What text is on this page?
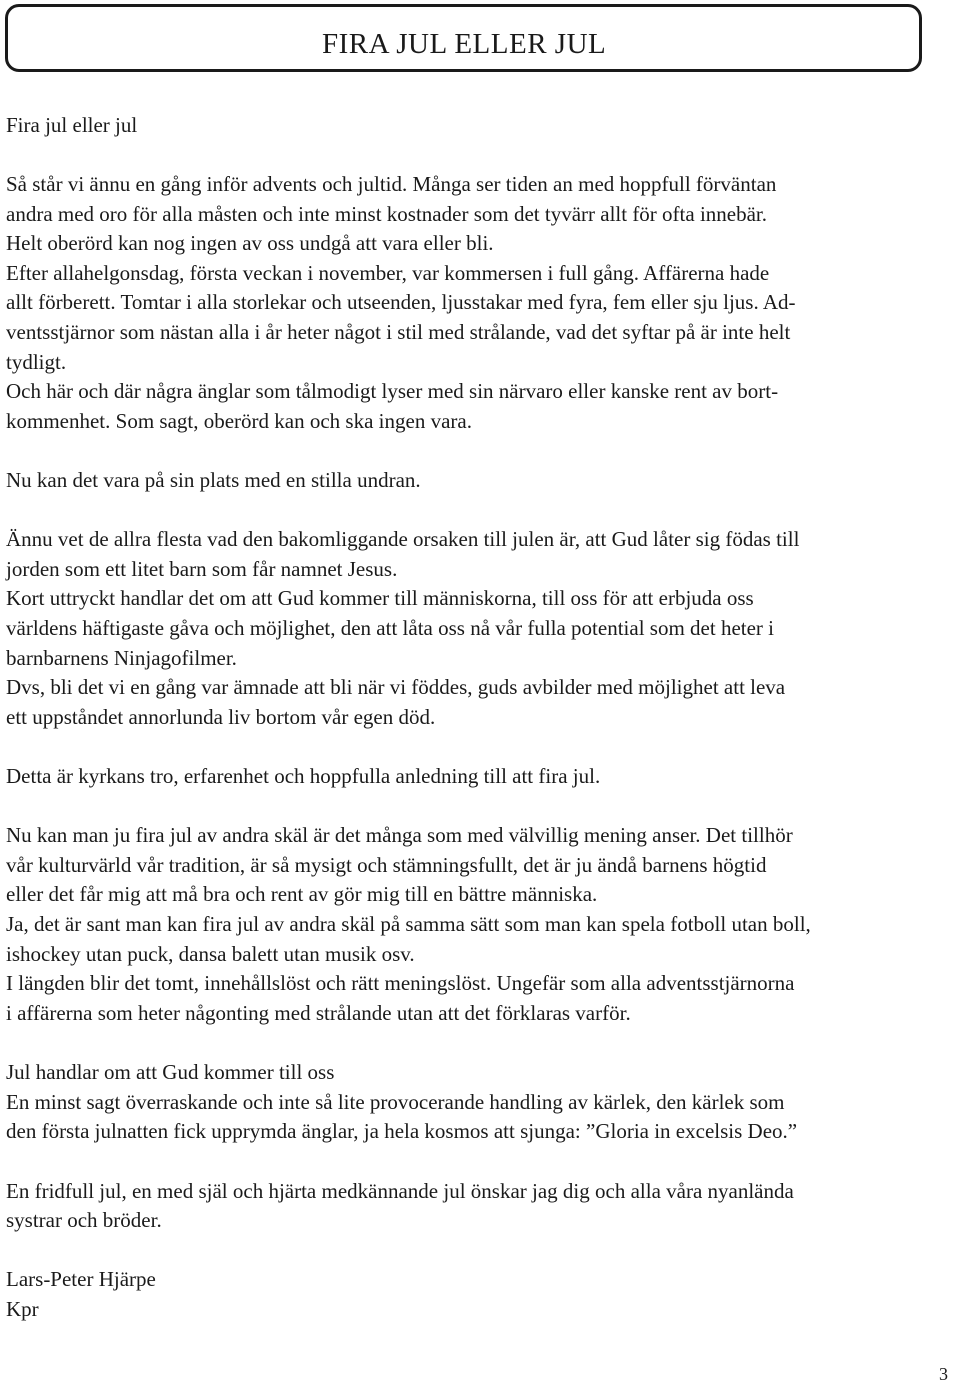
FIRA JUL ELLER JUL

Fira jul eller jul

Så står vi ännu en gång inför advents och jultid. Många ser tiden an med hoppfull förväntan

andra med oro för alla måsten och inte minst kostnader som det tyvärr allt för ofta innebär.

Helt oberörd kan nog ingen av oss undgå att vara eller bli.

Efter allahelgonsdag, första veckan i november, var kommersen i full gång. Affärerna hade

allt förberett. Tomtar i alla storlekar och utseenden, ljusstakar med fyra, fem eller sju ljus. Ad-

ventsstjärnor som nästan alla i år heter något i stil med strålande, vad det syftar på är inte helt

tydligt.

Och här och där några änglar som tålmodigt lyser med sin närvaro eller kanske rent av bort-

kommenhet. Som sagt, oberörd kan och ska ingen vara.

Nu kan det vara på sin plats med en stilla undran.

Ännu vet de allra flesta vad den bakomliggande orsaken till julen är, att Gud låter sig födas till

jorden som ett litet barn som får namnet Jesus.

Kort uttryckt handlar det om att Gud kommer till människorna, till oss för att erbjuda oss

världens häftigaste gåva och möjlighet, den att låta oss nå vår fulla potential som det heter i

barnbarnens Ninjagofilmer.

Dvs, bli det vi en gång var ämnade att bli när vi föddes, guds avbilder med möjlighet att leva

ett uppståndet annorlunda liv bortom vår egen död.

Detta är kyrkans tro, erfarenhet och hoppfulla anledning till att fira jul.

Nu kan man ju fira jul av andra skäl är det många som med välvillig mening anser. Det tillhör

vår kulturvärld vår tradition, är så mysigt och stämningsfullt, det är ju ändå barnens högtid

eller det får mig att må bra och rent av gör mig till en bättre människa.

Ja, det är sant man kan fira jul av andra skäl på samma sätt som man kan spela fotboll utan boll,

ishockey utan puck, dansa balett utan musik osv.

I längden blir det tomt, innehållslöst och rätt meningslöst. Ungefär som alla adventsstjärnorna

i affärerna som heter någonting med strålande utan att det förklaras varför.

Jul handlar om att Gud kommer till oss

En minst sagt överraskande och inte så lite provocerande handling av kärlek, den kärlek som

den första julnatten fick upprymda änglar, ja hela kosmos att sjunga: ”Gloria in excelsis Deo.”

En fridfull jul, en med själ och hjärta medkännande jul önskar jag dig och alla våra nyanlända

systrar och bröder.

Lars-Peter Hjärpe

Kpr

3
